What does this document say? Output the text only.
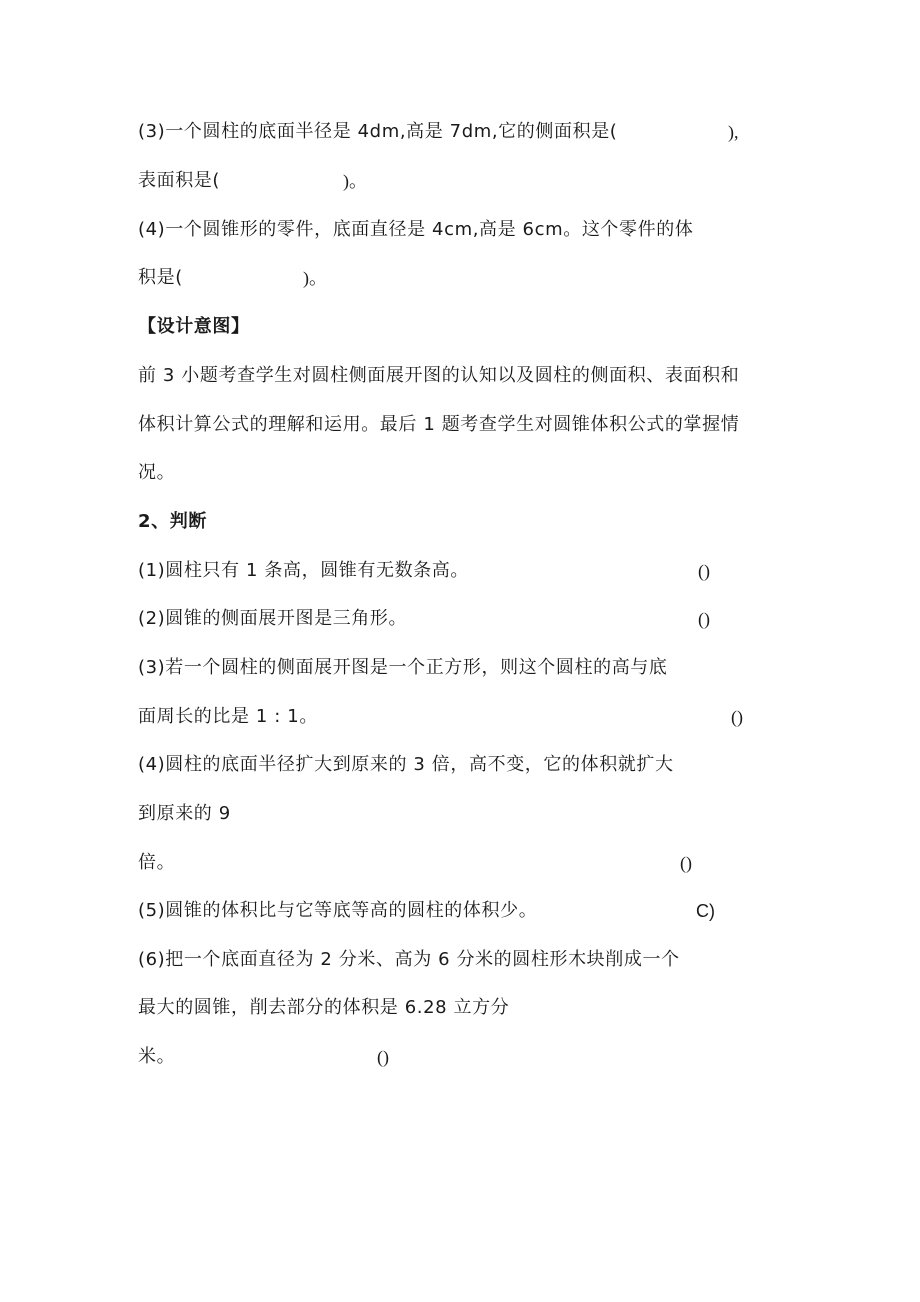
(3)一个圆柱的底面半径是 4dm,高是 7dm,它的侧面积是(	),
表面积是(	)。
(4)一个圆锥形的零件，底面直径是 4cm,高是 6cm。这个零件的体
积是(	)。
【设计意图】
前 3 小题考查学生对圆柱侧面展开图的认知以及圆柱的侧面积、表面积和
体积计算公式的理解和运用。最后 1 题考查学生对圆锥体积公式的掌握情
况。
2、判断
(1)圆柱只有 1 条高，圆锥有无数条高。	()
(2)圆锥的侧面展开图是三角形。	()
(3)若一个圆柱的侧面展开图是一个正方形，则这个圆柱的高与底
面周长的比是 1 : 1。	()
(4)圆柱的底面半径扩大到原来的 3 倍，高不变，它的体积就扩大
到原来的 9
倍。	()
(5)圆锥的体积比与它等底等高的圆柱的体积少。	C)
(6)把一个底面直径为 2 分米、高为 6 分米的圆柱形木块削成一个
最大的圆锥，削去部分的体积是 6.28 立方分
米。	()
